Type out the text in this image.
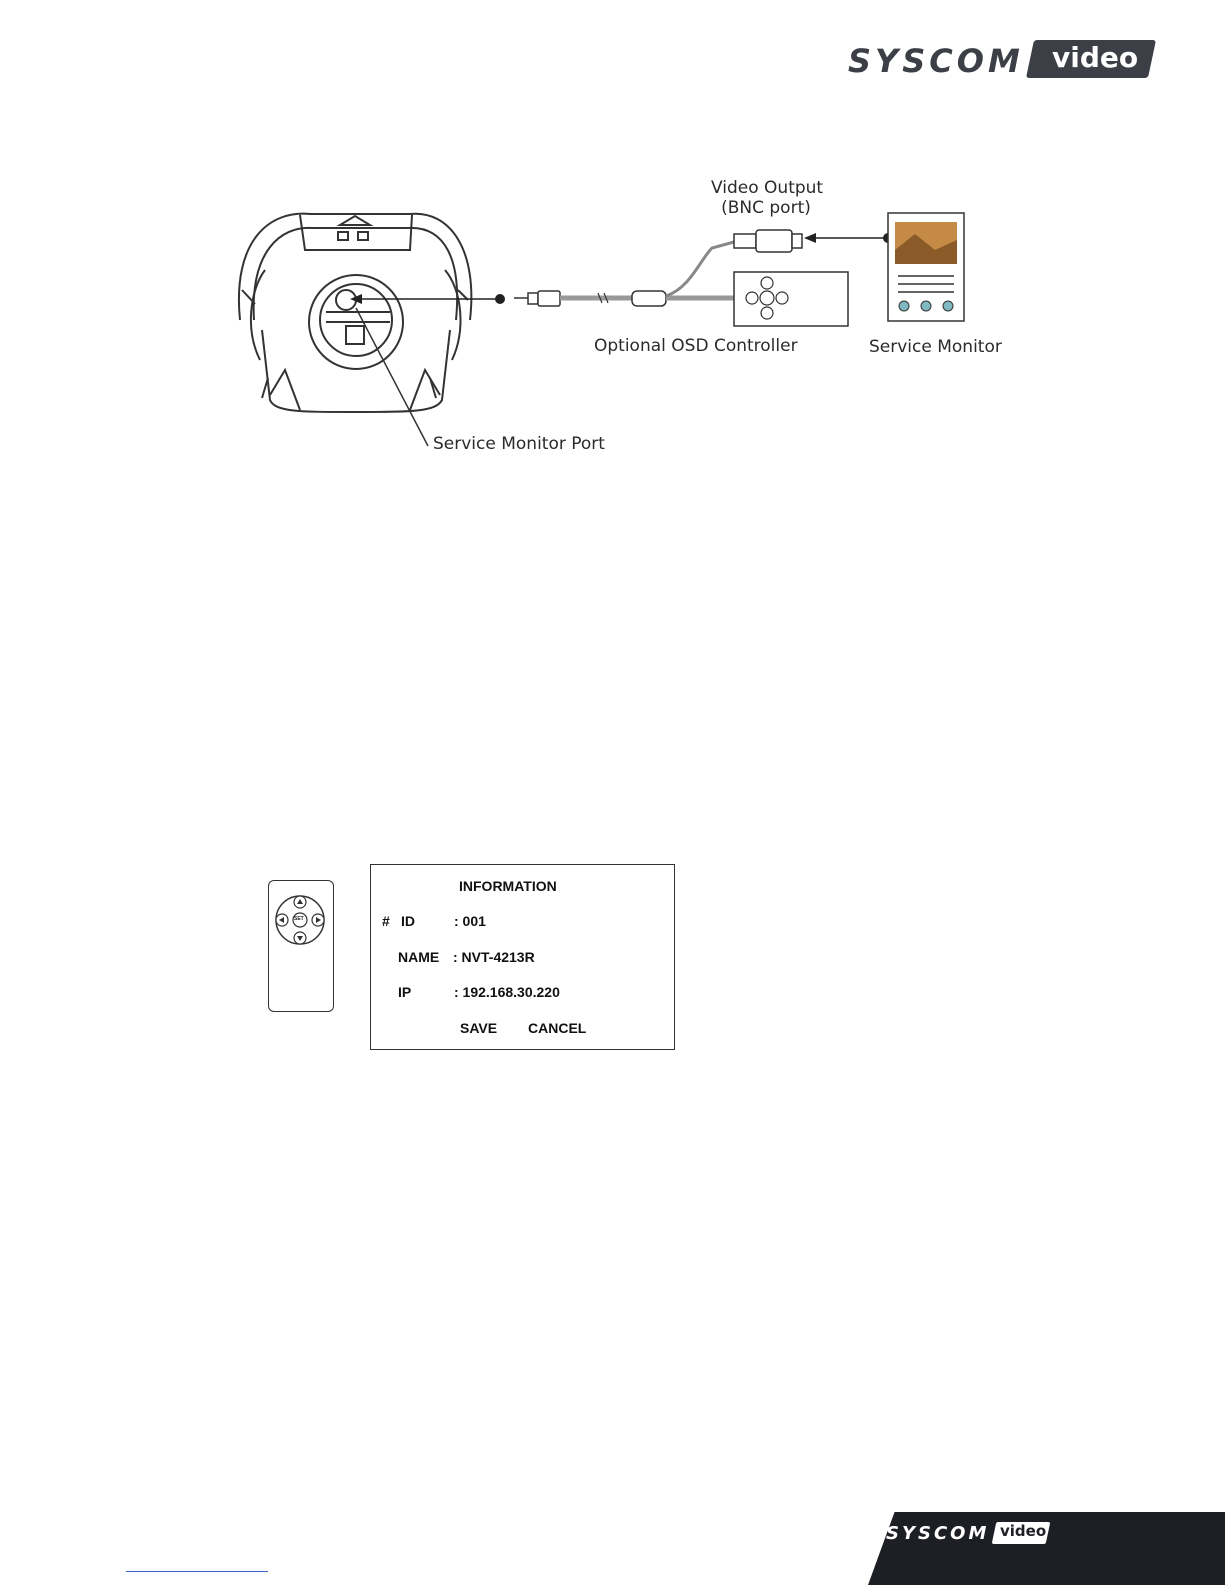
SYSCOM video
Video Output
(BNC port)
Optional OSD Controller	Service Monitor
Service Monitor Port
SET
INFORMATION
# ID	: 001
NAME : NVT-4213R
IP	: 192.168.30.220
SAVE CANCEL
SYSCOM video
